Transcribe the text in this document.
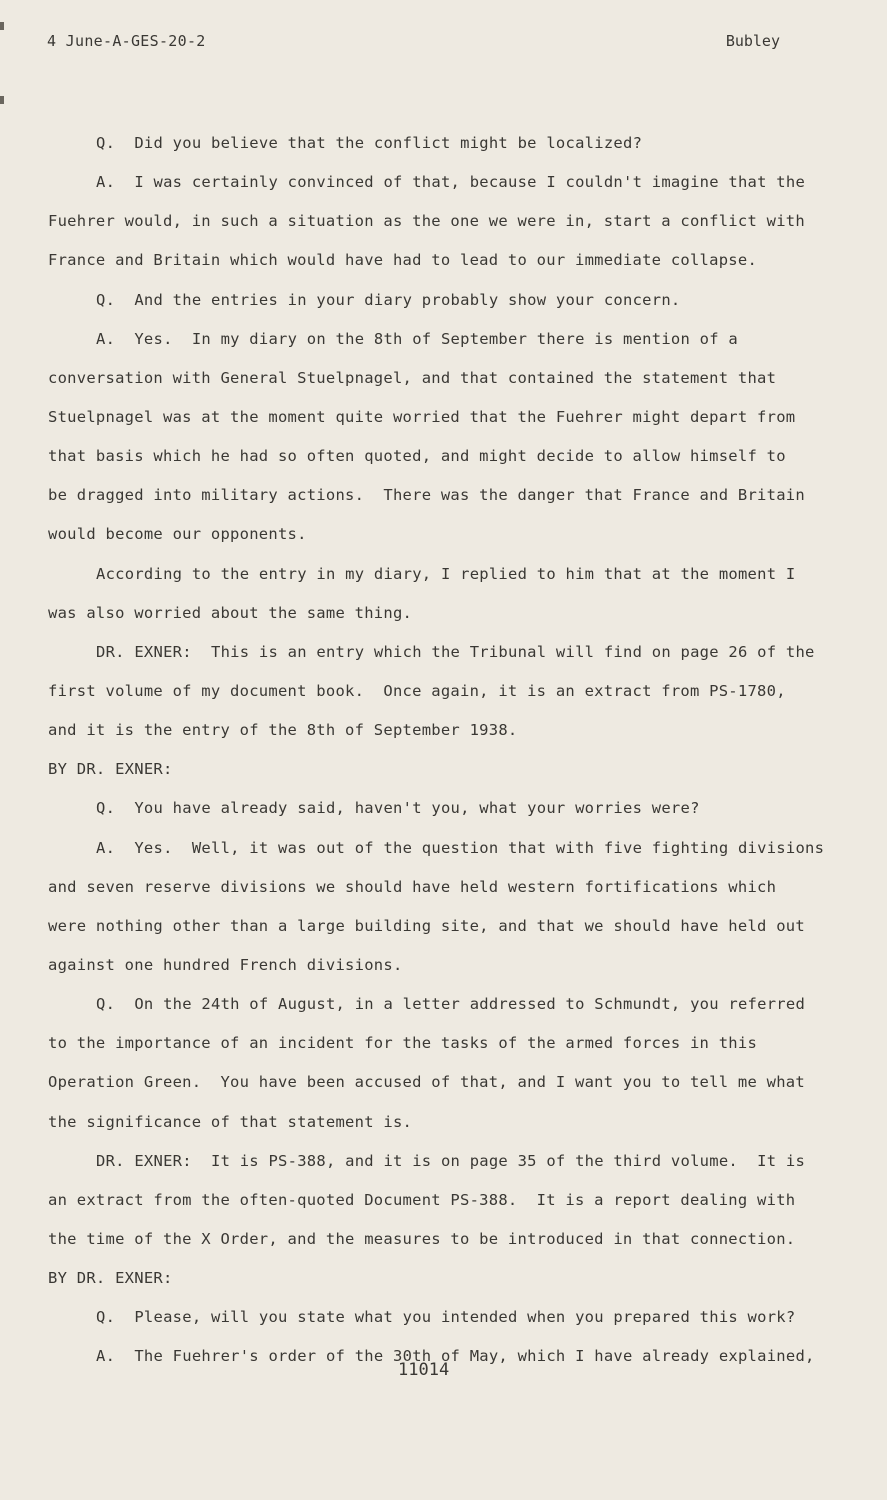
4 June-A-GES-20-2	Bubley
Q.  Did you believe that the conflict might be localized?
A.  I was certainly convinced of that, because I couldn't imagine that the
Fuehrer would, in such a situation as the one we were in, start a conflict with
France and Britain which would have had to lead to our immediate collapse.
Q.  And the entries in your diary probably show your concern.
A.  Yes.  In my diary on the 8th of September there is mention of a
conversation with General Stuelpnagel, and that contained the statement that
Stuelpnagel was at the moment quite worried that the Fuehrer might depart from
that basis which he had so often quoted, and might decide to allow himself to
be dragged into military actions.  There was the danger that France and Britain
would become our opponents.
According to the entry in my diary, I replied to him that at the moment I
was also worried about the same thing.
DR. EXNER:  This is an entry which the Tribunal will find on page 26 of the
first volume of my document book.  Once again, it is an extract from PS-1780,
and it is the entry of the 8th of September 1938.
BY DR. EXNER:
Q.  You have already said, haven't you, what your worries were?
A.  Yes.  Well, it was out of the question that with five fighting divisions
and seven reserve divisions we should have held western fortifications which
were nothing other than a large building site, and that we should have held out
against one hundred French divisions.
Q.  On the 24th of August, in a letter addressed to Schmundt, you referred
to the importance of an incident for the tasks of the armed forces in this
Operation Green.  You have been accused of that, and I want you to tell me what
the significance of that statement is.
DR. EXNER:  It is PS-388, and it is on page 35 of the third volume.  It is
an extract from the often-quoted Document PS-388.  It is a report dealing with
the time of the X Order, and the measures to be introduced in that connection.
BY DR. EXNER:
Q.  Please, will you state what you intended when you prepared this work?
A.  The Fuehrer's order of the 30th of May, which I have already explained,
11014
